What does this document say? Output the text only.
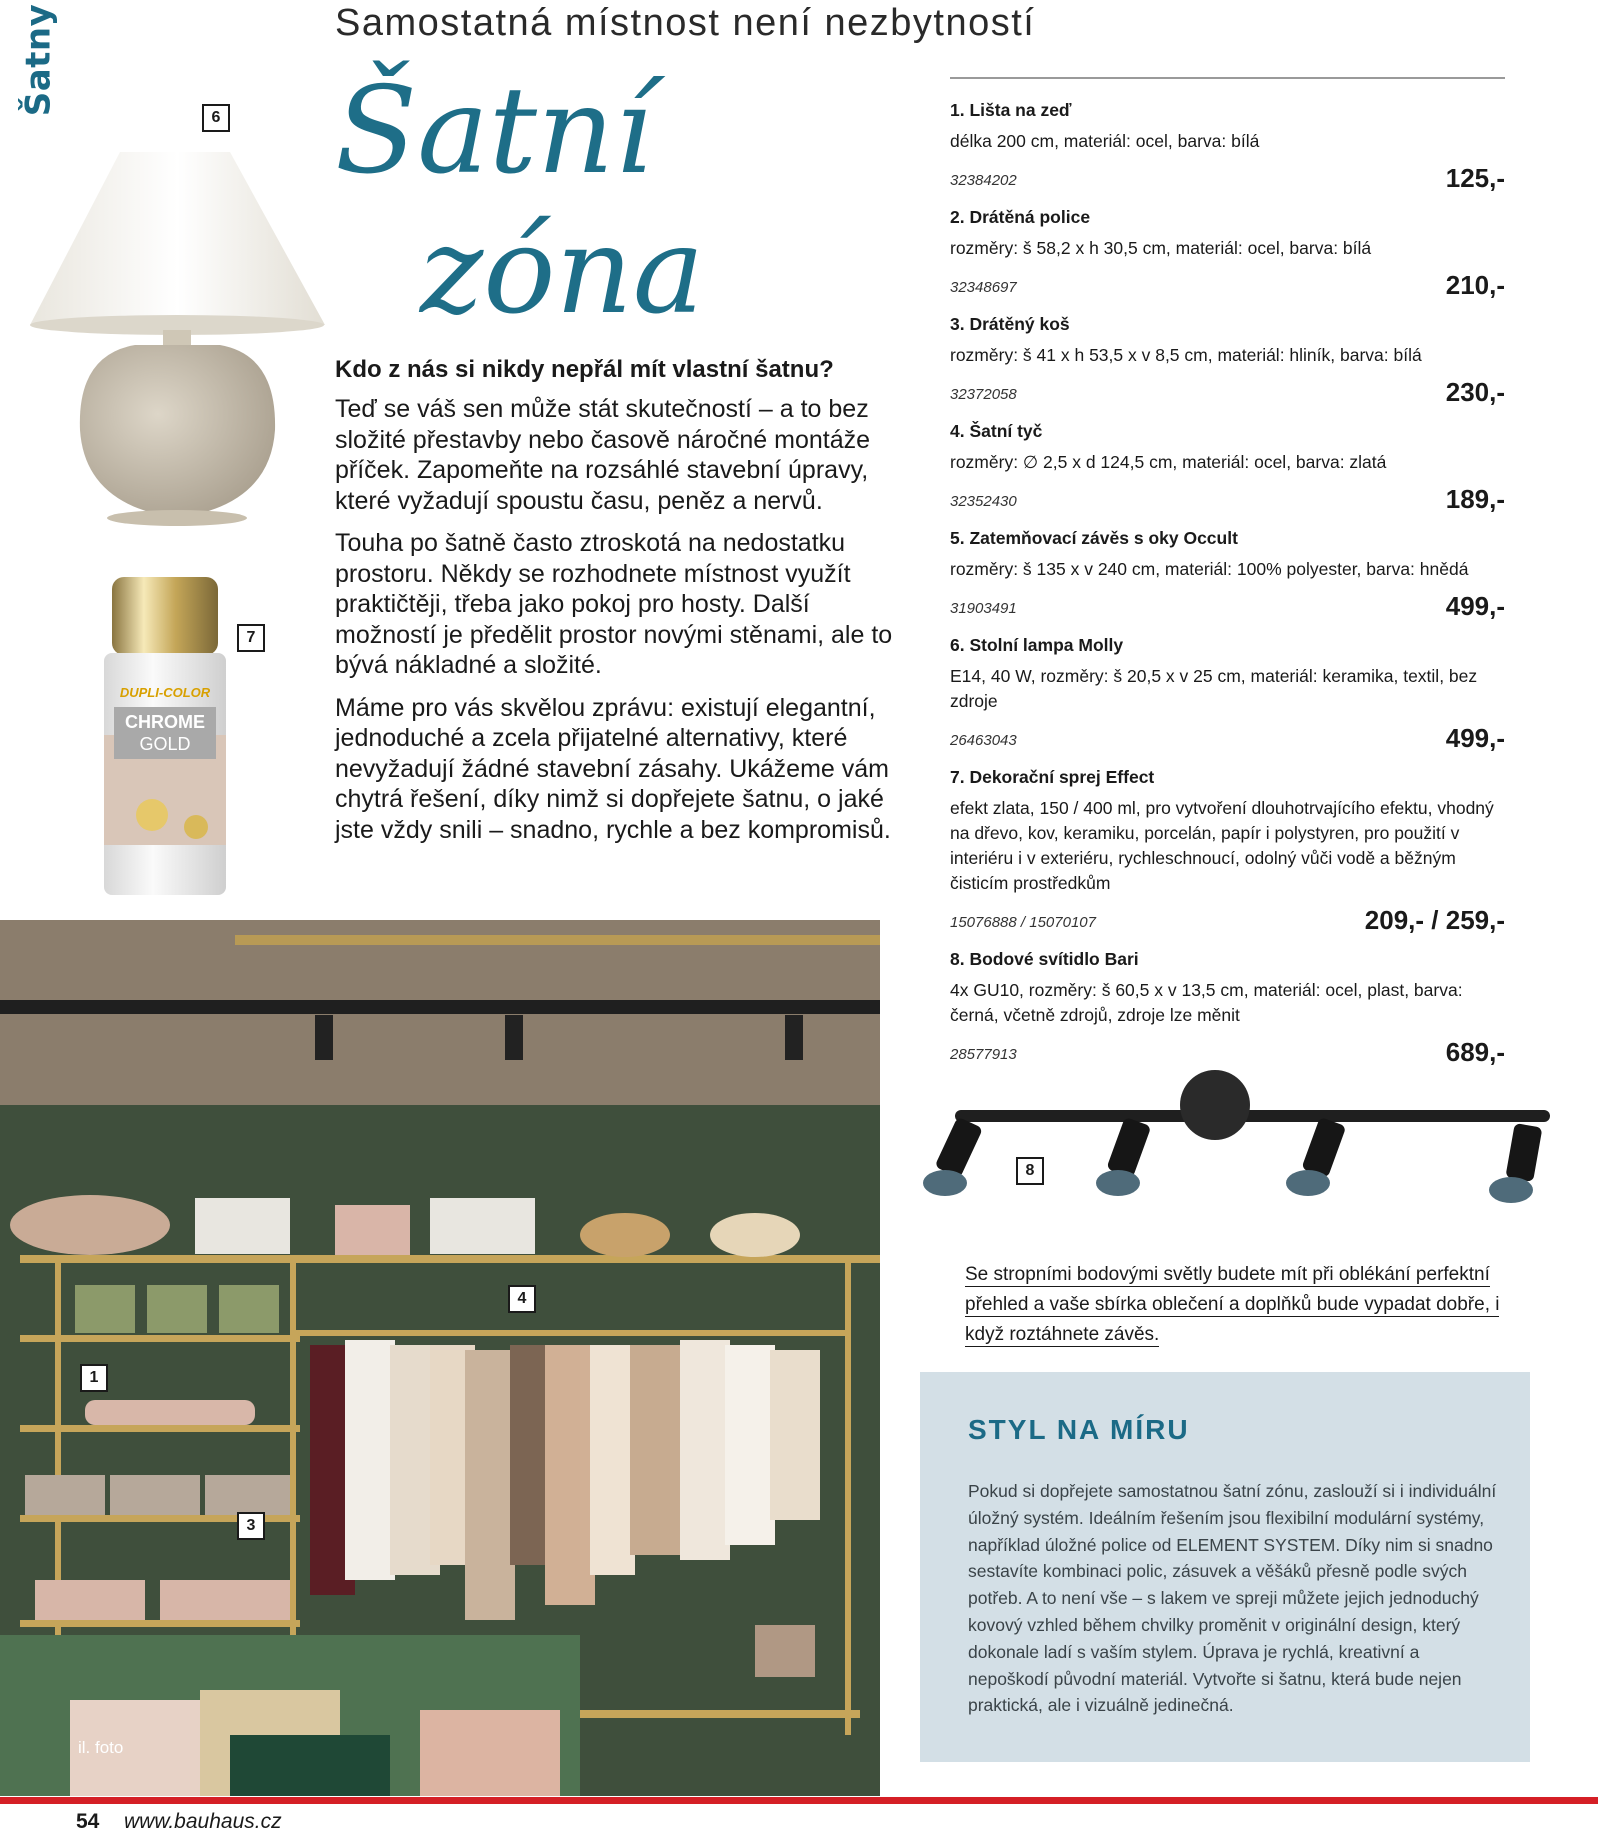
Šatny	Samostatná místnost není nezbytností
Šatní
zóna
6
DUPLI-COLOR
CHROME
GOLD
7
Kdo z nás si nikdy nepřál mít vlastní šatnu?

Teď se váš sen může stát skutečností – a to bez složité přestavby nebo časově náročné montáže příček. Zapomeňte na rozsáhlé stavební úpravy, které vyžadují spoustu času, peněz a nervů.

Touha po šatně často ztroskotá na nedostatku prostoru. Někdy se rozhodnete místnost využít praktičtěji, třeba jako pokoj pro hosty. Další možností je předělit prostor novými stěnami, ale to bývá nákladné a složité.

Máme pro vás skvělou zprávu: existují elegantní, jednoduché a zcela přijatelné alternativy, které nevyžadují žádné stavební zásahy. Ukážeme vám chytrá řešení, díky nimž si dopřejete šatnu, o jaké jste vždy snili – snadno, rychle a bez kompromisů.

1. Lišta na zeď
délka 200 cm, materiál: ocel, barva: bílá
32384202	125,-
2. Drátěná police
rozměry: š 58,2 x h 30,5 cm, materiál: ocel, barva: bílá
32348697	210,-
3. Drátěný koš
rozměry: š 41 x h 53,5 x v 8,5 cm, materiál: hliník, barva: bílá
32372058	230,-
4. Šatní tyč
rozměry: ∅ 2,5 x d 124,5 cm, materiál: ocel, barva: zlatá
32352430	189,-
5. Zatemňovací závěs s oky Occult
rozměry: š 135 x v 240 cm, materiál: 100% polyester, barva: hnědá
31903491	499,-
6. Stolní lampa Molly
E14, 40 W, rozměry: š 20,5 x v 25 cm, materiál: keramika, textil, bez zdroje
26463043	499,-
7. Dekorační sprej Effect
efekt zlata, 150 / 400 ml, pro vytvoření dlouhotrvajícího efektu, vhodný na dřevo, kov, keramiku, porcelán, papír i polystyren, pro použití v interiéru i v exteriéru, rychleschnoucí, odolný vůči vodě a běžným čisticím prostředkům
15076888 / 15070107	209,- / 259,-
8. Bodové svítidlo Bari
4x GU10, rozměry: š 60,5 x v 13,5 cm, materiál: ocel, plast, barva: černá, včetně zdrojů, zdroje lze měnit
28577913	689,-
8
Se stropními bodovými světly budete mít při oblékání perfektní přehled a vaše sbírka oblečení a doplňků bude vypadat dobře, i když roztáhnete závěs.
1
3
4
il. foto
STYL NA MÍRU

Pokud si dopřejete samostatnou šatní zónu, zaslouží si i individuální úložný systém. Ideálním řešením jsou flexibilní modulární systémy, například úložné police od ELEMENT SYSTEM. Díky nim si snadno sestavíte kombinaci polic, zásuvek a věšáků přesně podle svých potřeb. A to není vše – s lakem ve spreji můžete jejich jednoduchý kovový vzhled během chvilky proměnit v originální design, který dokonale ladí s vaším stylem. Úprava je rychlá, kreativní a nepoškodí původní materiál. Vytvořte si šatnu, která bude nejen praktická, ale i vizuálně jedinečná.

54 www.bauhaus.cz
